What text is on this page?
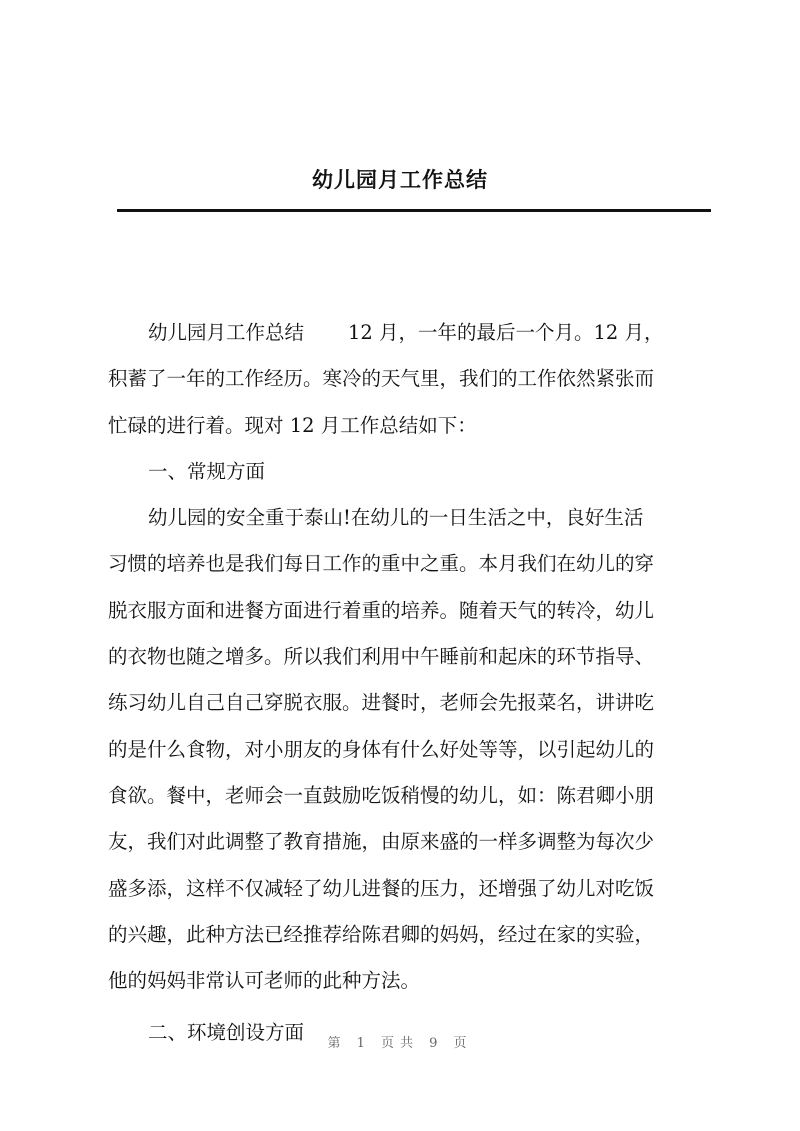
幼儿园月工作总结
幼儿园月工作总结 12 月，一年的最后一个月。12 月，
积蓄了一年的工作经历。寒冷的天气里，我们的工作依然紧张而
忙碌的进行着。现对 12 月工作总结如下：
一、常规方面
幼儿园的安全重于泰山!在幼儿的一日生活之中，良好生活
习惯的培养也是我们每日工作的重中之重。本月我们在幼儿的穿
脱衣服方面和进餐方面进行着重的培养。随着天气的转冷，幼儿
的衣物也随之增多。所以我们利用中午睡前和起床的环节指导、
练习幼儿自己自己穿脱衣服。进餐时，老师会先报菜名，讲讲吃
的是什么食物，对小朋友的身体有什么好处等等，以引起幼儿的
食欲。餐中，老师会一直鼓励吃饭稍慢的幼儿，如：陈君卿小朋
友，我们对此调整了教育措施，由原来盛的一样多调整为每次少
盛多添，这样不仅减轻了幼儿进餐的压力，还增强了幼儿对吃饭
的兴趣，此种方法已经推荐给陈君卿的妈妈，经过在家的实验，
他的妈妈非常认可老师的此种方法。
二、环境创设方面	第 1 页共 9 页
